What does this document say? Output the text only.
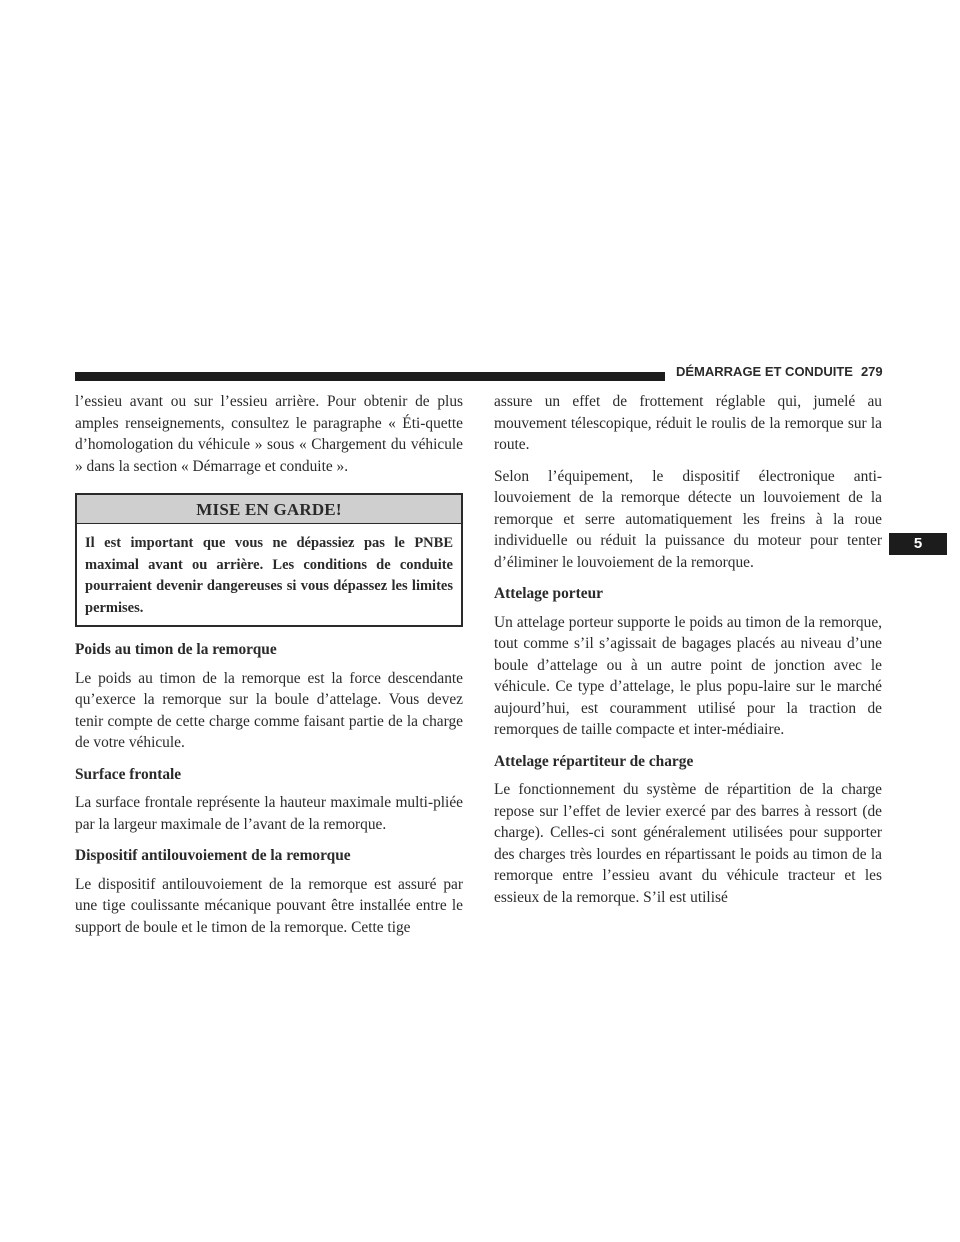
DÉMARRAGE ET CONDUITE 279
5

l’essieu avant ou sur l’essieu arrière. Pour obtenir de plus amples renseignements, consultez le paragraphe « Éti-quette d’homologation du véhicule » sous « Chargement du véhicule » dans la section « Démarrage et conduite ».

MISE EN GARDE!
Il est important que vous ne dépassiez pas le PNBE maximal avant ou arrière. Les conditions de conduite pourraient devenir dangereuses si vous dépassez les limites permises.
Poids au timon de la remorque

Le poids au timon de la remorque est la force descendante qu’exerce la remorque sur la boule d’attelage. Vous devez tenir compte de cette charge comme faisant partie de la charge de votre véhicule.

Surface frontale

La surface frontale représente la hauteur maximale multi-pliée par la largeur maximale de l’avant de la remorque.

Dispositif antilouvoiement de la remorque

Le dispositif antilouvoiement de la remorque est assuré par une tige coulissante mécanique pouvant être installée entre le support de boule et le timon de la remorque. Cette tige

assure un effet de frottement réglable qui, jumelé au mouvement télescopique, réduit le roulis de la remorque sur la route.

Selon l’équipement, le dispositif électronique anti-louvoiement de la remorque détecte un louvoiement de la remorque et serre automatiquement les freins à la roue individuelle ou réduit la puissance du moteur pour tenter d’éliminer le louvoiement de la remorque.

Attelage porteur

Un attelage porteur supporte le poids au timon de la remorque, tout comme s’il s’agissait de bagages placés au niveau d’une boule d’attelage ou à un autre point de jonction avec le véhicule. Ce type d’attelage, le plus popu-laire sur le marché aujourd’hui, est couramment utilisé pour la traction de remorques de taille compacte et inter-médiaire.

Attelage répartiteur de charge

Le fonctionnement du système de répartition de la charge repose sur l’effet de levier exercé par des barres à ressort (de charge). Celles-ci sont généralement utilisées pour supporter des charges très lourdes en répartissant le poids au timon de la remorque entre l’essieu avant du véhicule tracteur et les essieux de la remorque. S’il est utilisé
